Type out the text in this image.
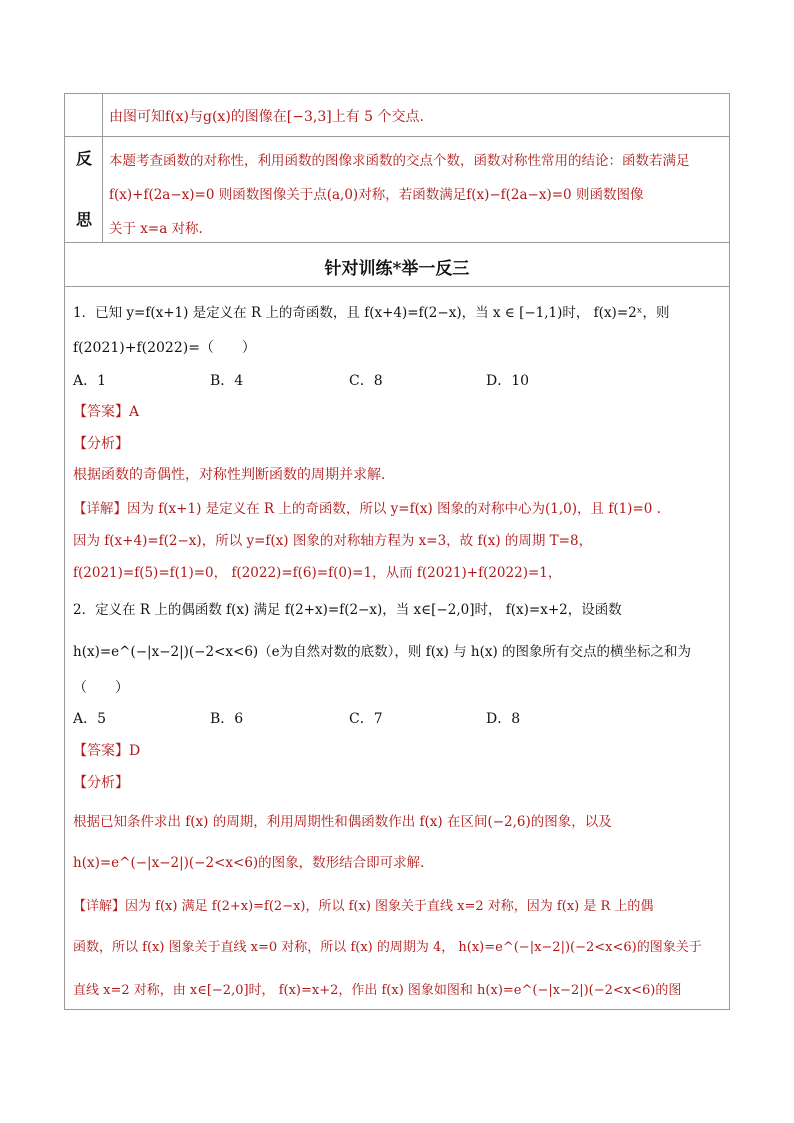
由图可知f(x)与g(x)的图像在[−3,3]上有 5 个交点.
反
思
本题考查函数的对称性，利用函数的图像求函数的交点个数，函数对称性常用的结论：函数若满足
f(x)+f(2a−x)=0 则函数图像关于点(a,0)对称，若函数满足f(x)−f(2a−x)=0 则函数图像
关于 x=a 对称.
针对训练*举一反三
1．已知 y=f(x+1) 是定义在 R 上的奇函数，且 f(x+4)=f(2−x)，当 x ∈ [−1,1)时， f(x)=2ˣ，则
f(2021)+f(2022)=（　　）
A．1	B．4	C．8	D．10
【答案】A
【分析】
根据函数的奇偶性，对称性判断函数的周期并求解.
【详解】因为 f(x+1) 是定义在 R 上的奇函数，所以 y=f(x) 图象的对称中心为(1,0)，且 f(1)=0 .
因为 f(x+4)=f(2−x)，所以 y=f(x) 图象的对称轴方程为 x=3，故 f(x) 的周期 T=8，
f(2021)=f(5)=f(1)=0， f(2022)=f(6)=f(0)=1，从而 f(2021)+f(2022)=1，
2．定义在 R 上的偶函数 f(x) 满足 f(2+x)=f(2−x)，当 x∈[−2,0]时， f(x)=x+2，设函数
h(x)=e^(−|x−2|)(−2<x<6)（e为自然对数的底数），则 f(x) 与 h(x) 的图象所有交点的横坐标之和为
（　　）
A．5	B．6	C．7	D．8
【答案】D
【分析】
根据已知条件求出 f(x) 的周期，利用周期性和偶函数作出 f(x) 在区间(−2,6)的图象，以及
h(x)=e^(−|x−2|)(−2<x<6)的图象，数形结合即可求解.
【详解】因为 f(x) 满足 f(2+x)=f(2−x)，所以 f(x) 图象关于直线 x=2 对称，因为 f(x) 是 R 上的偶
函数，所以 f(x) 图象关于直线 x=0 对称，所以 f(x) 的周期为 4， h(x)=e^(−|x−2|)(−2<x<6)的图象关于
直线 x=2 对称，由 x∈[−2,0]时， f(x)=x+2，作出 f(x) 图象如图和 h(x)=e^(−|x−2|)(−2<x<6)的图
